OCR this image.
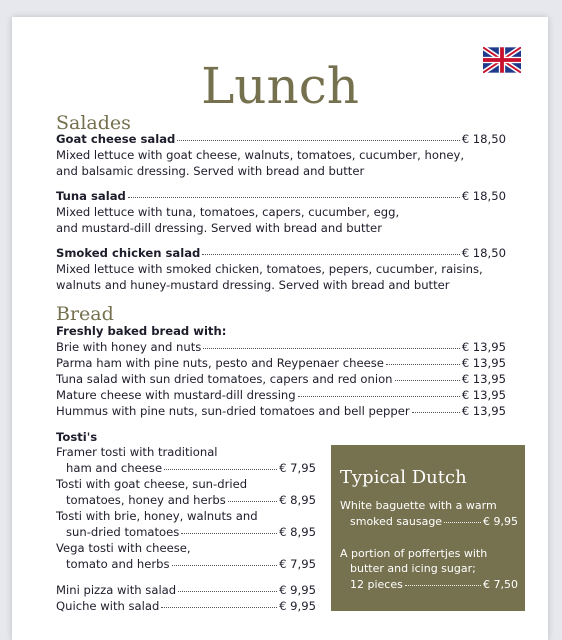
Lunch
Salades
Goat cheese salad	€ 18,50
Mixed lettuce with goat cheese, walnuts, tomatoes, cucumber, honey,
and balsamic dressing. Served with bread and butter
Tuna salad	€ 18,50
Mixed lettuce with tuna, tomatoes, capers, cucumber, egg,
and mustard-dill dressing. Served with bread and butter
Smoked chicken salad	€ 18,50
Mixed lettuce with smoked chicken, tomatoes, pepers, cucumber, raisins,
walnuts and huney-mustard dressing. Served with bread and butter
Bread
Freshly baked bread with:
Brie with honey and nuts	€ 13,95
Parma ham with pine nuts, pesto and Reypenaer cheese	€ 13,95
Tuna salad with sun dried tomatoes, capers and red onion	€ 13,95
Mature cheese with mustard-dill dressing	€ 13,95
Hummus with pine nuts, sun-dried tomatoes and bell pepper	€ 13,95
Tosti's
Framer tosti with traditional
ham and cheese	€ 7,95
Tosti with goat cheese, sun-dried
tomatoes, honey and herbs	€ 8,95
Tosti with brie, honey, walnuts and
sun-dried tomatoes	€ 8,95
Vega tosti with cheese,
tomato and herbs	€ 7,95
Mini pizza with salad	€ 9,95
Quiche with salad	€ 9,95
Typical Dutch
White baguette with a warm
smoked sausage	€ 9,95
A portion of poffertjes with
butter and icing sugar;
12 pieces	€ 7,50
